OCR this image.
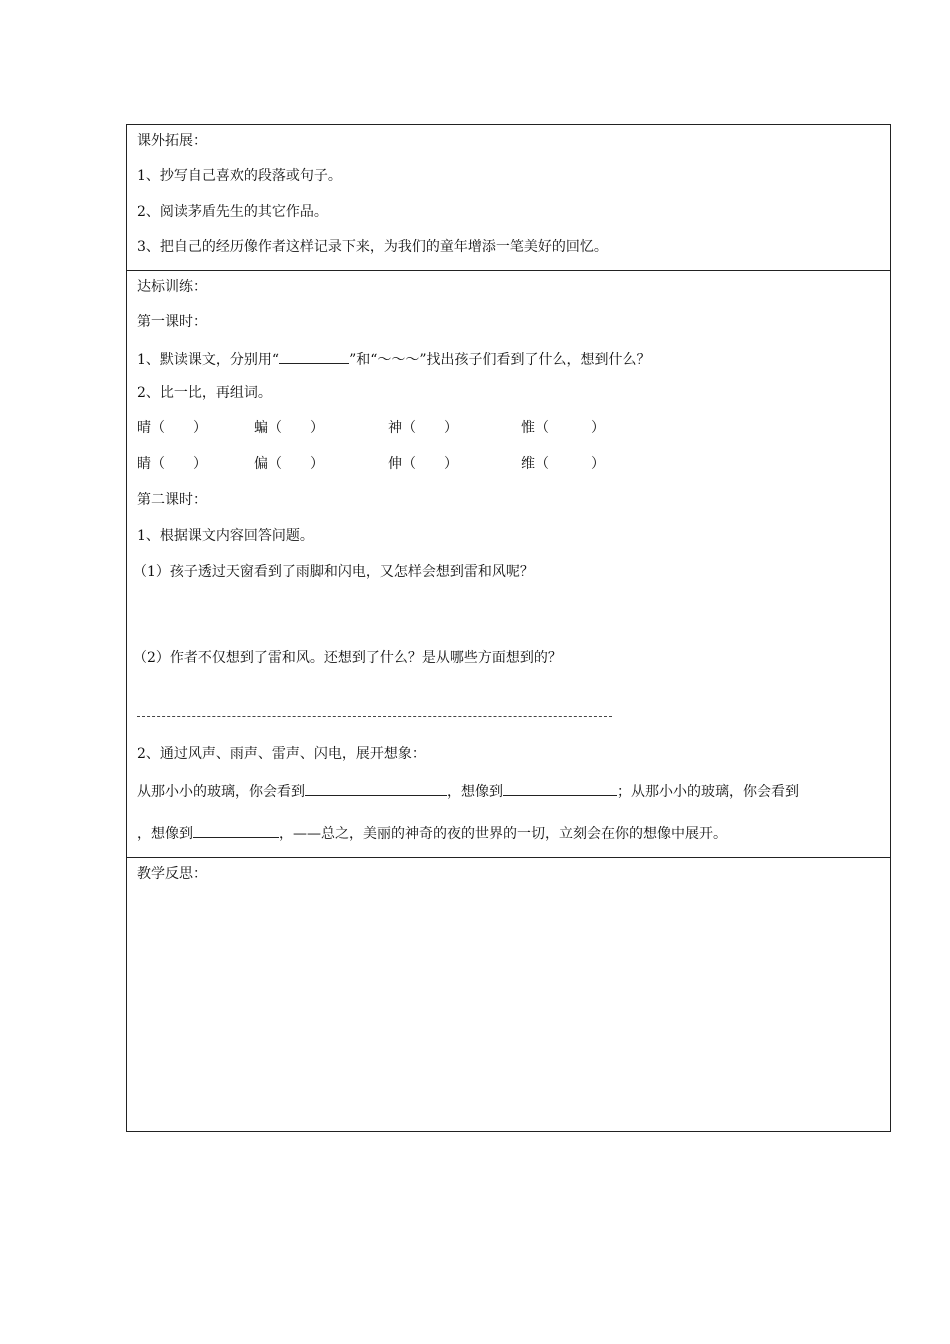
课外拓展：
1、抄写自己喜欢的段落或句子。
2、阅读茅盾先生的其它作品。
3、把自己的经历像作者这样记录下来，为我们的童年增添一笔美好的回忆。
达标训练：
第一课时：
1、默读课文，分别用“	”和“～～～”找出孩子们看到了什么，想到什么？
2、比一比，再组词。
晴（　　）	蝙（　　）	神（　　）	惟（　　　）
睛（　　）	偏（　　）	伸（　　）	维（　　　）
第二课时：
1、根据课文内容回答问题。
（1）孩子透过天窗看到了雨脚和闪电，又怎样会想到雷和风呢？
（2）作者不仅想到了雷和风。还想到了什么？是从哪些方面想到的？
2、通过风声、雨声、雷声、闪电，展开想象：
从那小小的玻璃，你会看到	，想像到	；从那小小的玻璃，你会看到
，想像到	，——总之，美丽的神奇的夜的世界的一切，立刻会在你的想像中展开。
教学反思：
